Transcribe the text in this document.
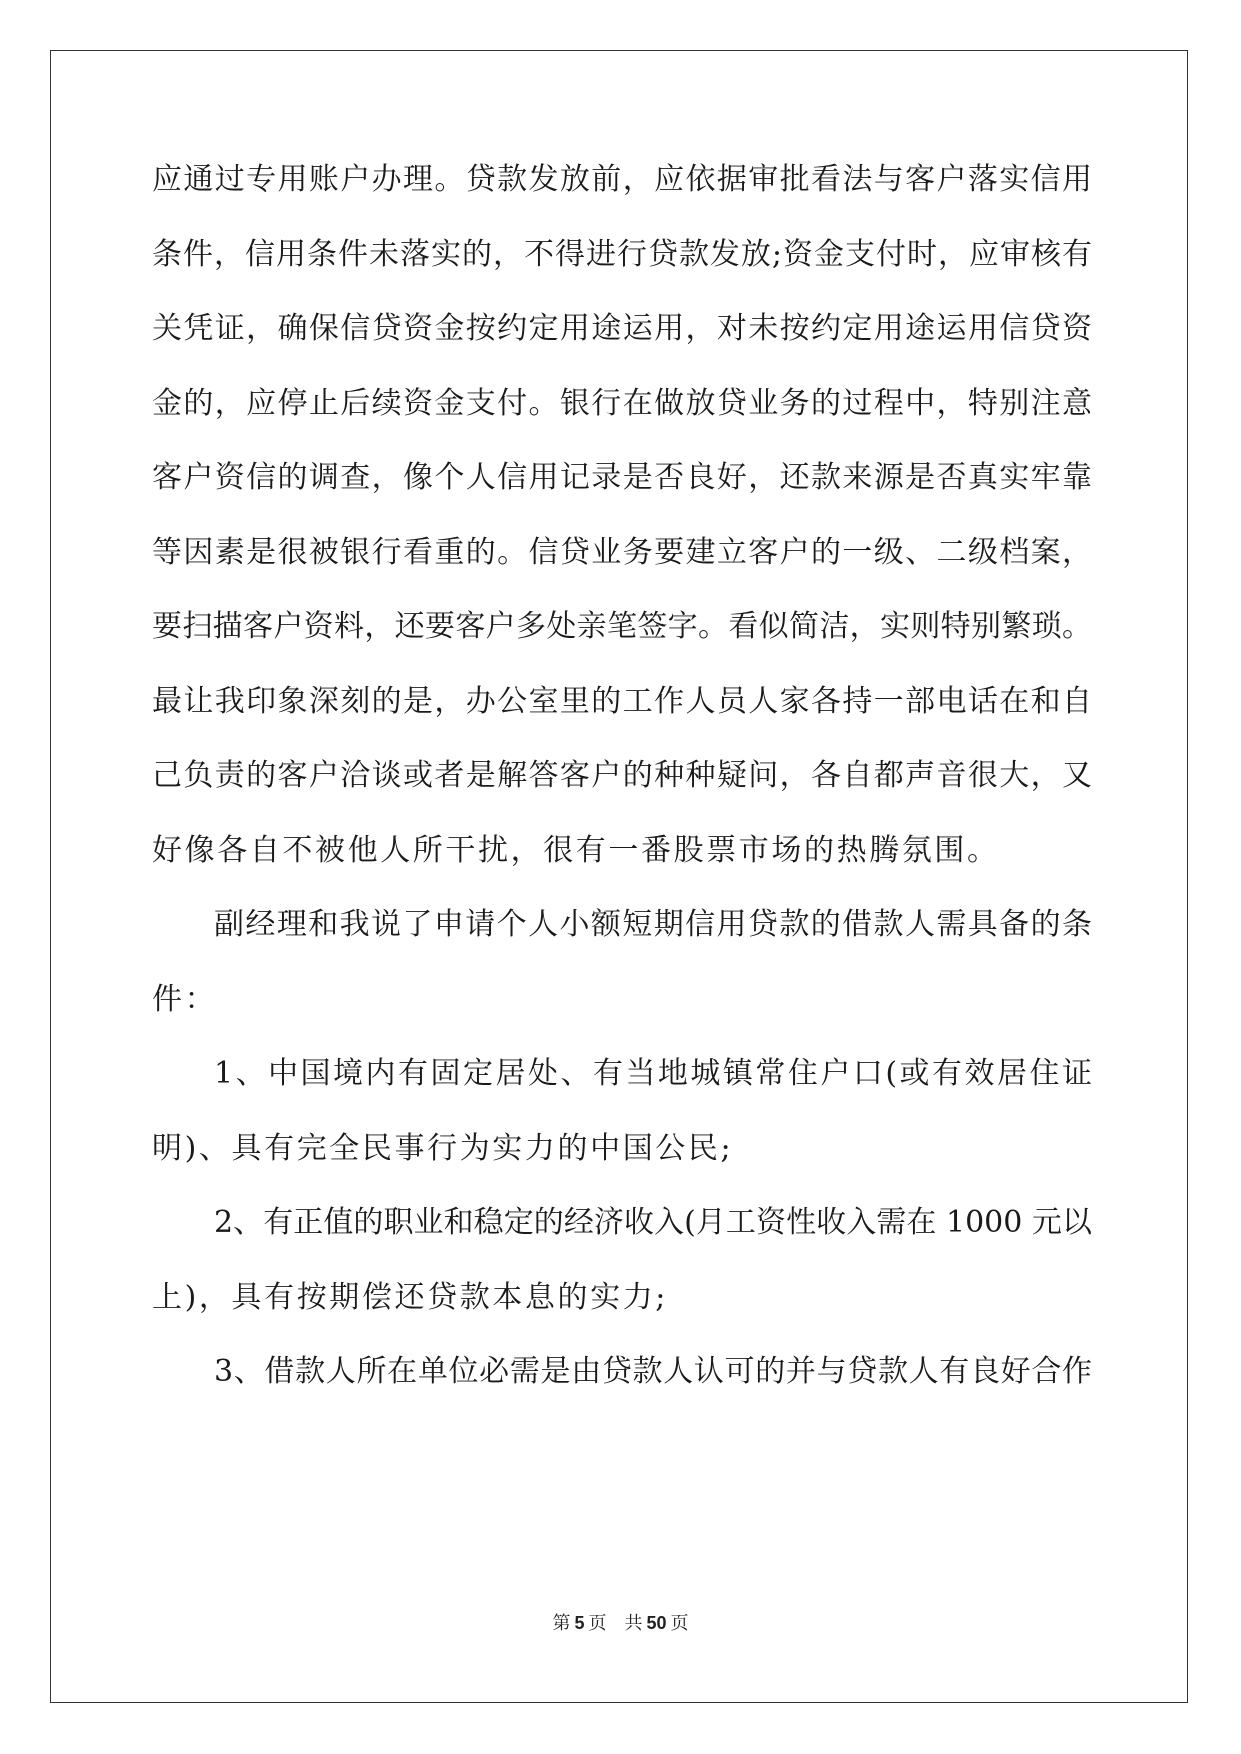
应通过专用账户办理。贷款发放前，应依据审批看法与客户落实信用
条件，信用条件未落实的，不得进行贷款发放;资金支付时，应审核有
关凭证，确保信贷资金按约定用途运用，对未按约定用途运用信贷资
金的，应停止后续资金支付。银行在做放贷业务的过程中，特别注意
客户资信的调查，像个人信用记录是否良好，还款来源是否真实牢靠
等因素是很被银行看重的。信贷业务要建立客户的一级、二级档案，
要扫描客户资料，还要客户多处亲笔签字。看似简洁，实则特别繁琐。
最让我印象深刻的是，办公室里的工作人员人家各持一部电话在和自
己负责的客户洽谈或者是解答客户的种种疑问，各自都声音很大，又
好像各自不被他人所干扰，很有一番股票市场的热腾氛围。
副经理和我说了申请个人小额短期信用贷款的借款人需具备的条
件：
1、中国境内有固定居处、有当地城镇常住户口(或有效居住证
明)、具有完全民事行为实力的中国公民;
2、有正值的职业和稳定的经济收入(月工资性收入需在 1000 元以
上)，具有按期偿还贷款本息的实力;
3、借款人所在单位必需是由贷款人认可的并与贷款人有良好合作
第 5 页 共 50 页
